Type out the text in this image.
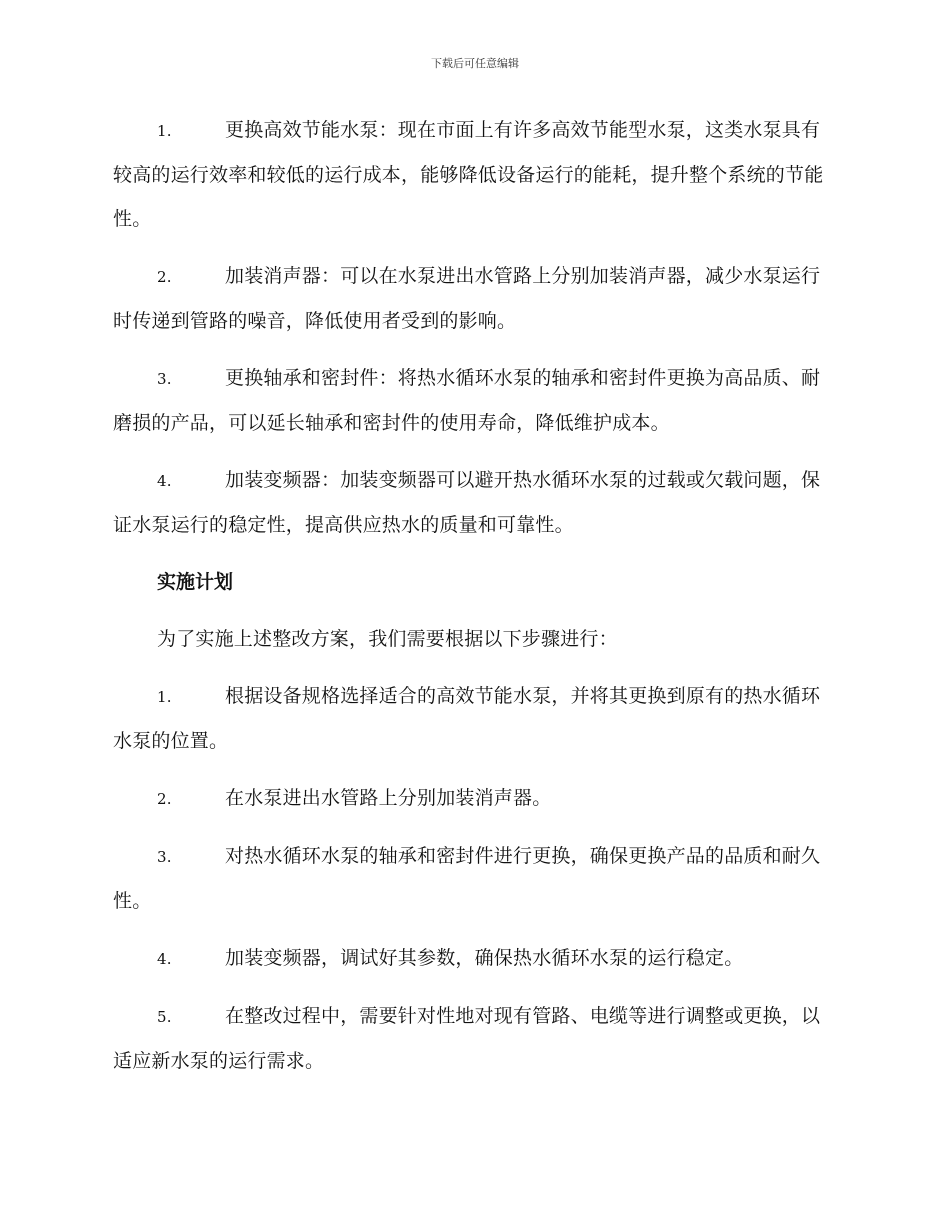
下载后可任意编辑

1.	更换高效节能水泵：现在市面上有许多高效节能型水泵，这类水泵具有较高的运行效率和较低的运行成本，能够降低设备运行的能耗，提升整个系统的节能性。

2.	加装消声器：可以在水泵进出水管路上分别加装消声器，减少水泵运行时传递到管路的噪音，降低使用者受到的影响。

3.	更换轴承和密封件：将热水循环水泵的轴承和密封件更换为高品质、耐磨损的产品，可以延长轴承和密封件的使用寿命，降低维护成本。

4.	加装变频器：加装变频器可以避开热水循环水泵的过载或欠载问题，保证水泵运行的稳定性，提高供应热水的质量和可靠性。

实施计划

为了实施上述整改方案，我们需要根据以下步骤进行：

1.	根据设备规格选择适合的高效节能水泵，并将其更换到原有的热水循环水泵的位置。

2.	在水泵进出水管路上分别加装消声器。

3.	对热水循环水泵的轴承和密封件进行更换，确保更换产品的品质和耐久性。

4.	加装变频器，调试好其参数，确保热水循环水泵的运行稳定。

5.	在整改过程中，需要针对性地对现有管路、电缆等进行调整或更换，以适应新水泵的运行需求。
